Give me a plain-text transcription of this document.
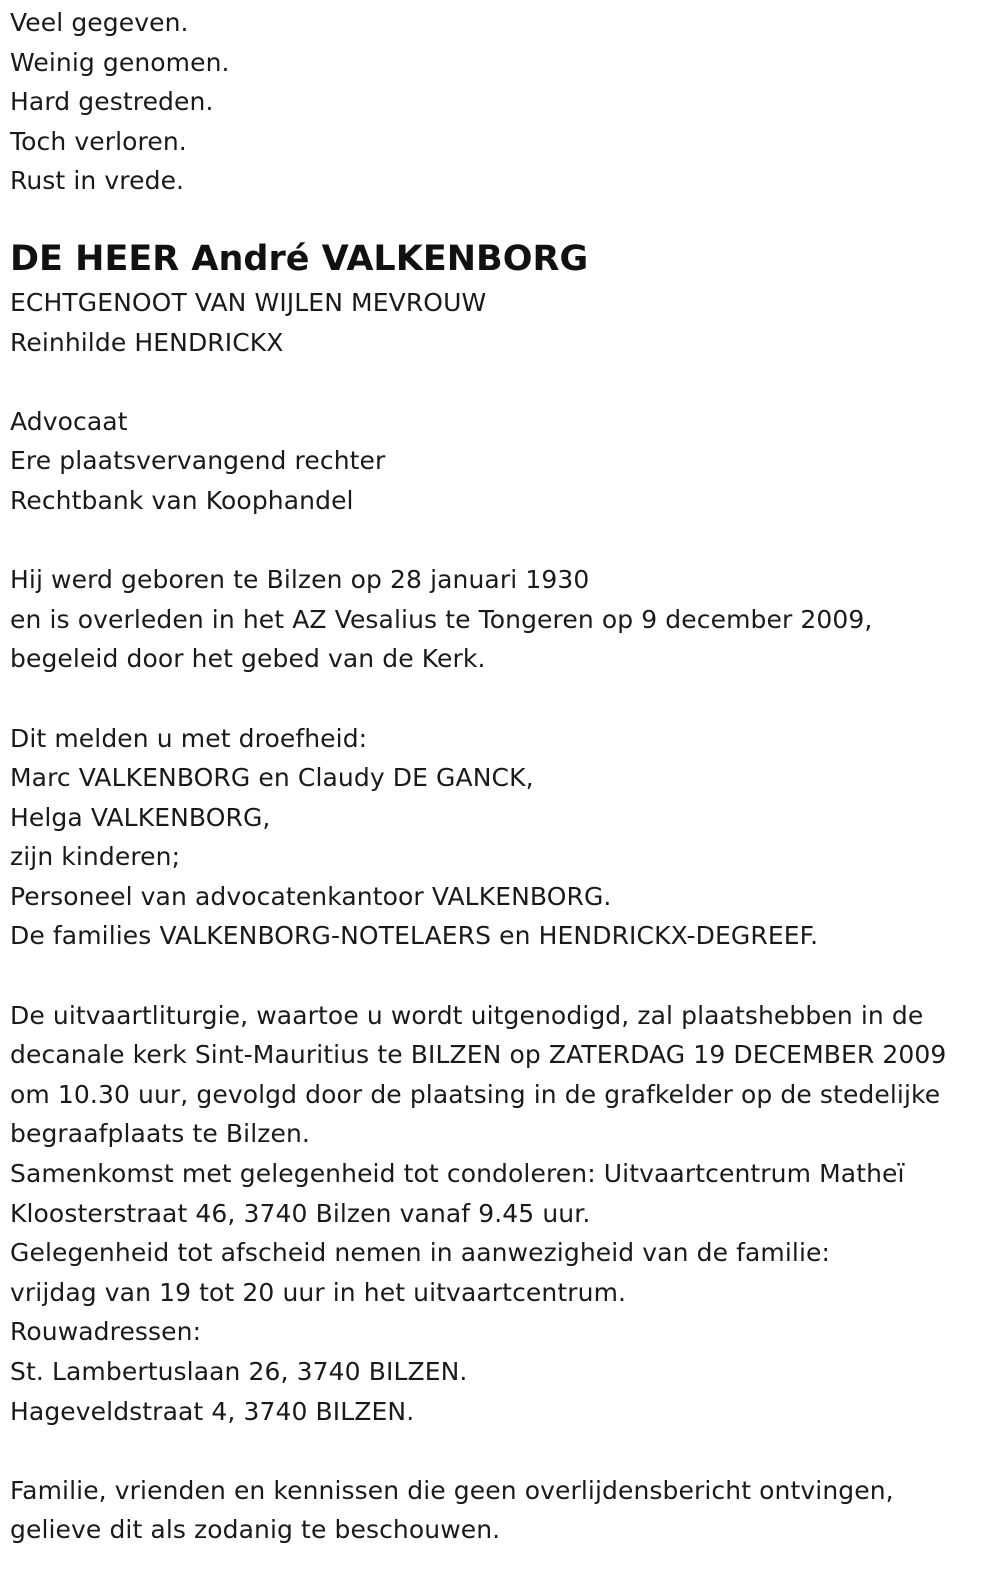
Veel gegeven.
Weinig genomen.
Hard gestreden.
Toch verloren.
Rust in vrede.
DE HEER André VALKENBORG
ECHTGENOOT VAN WIJLEN MEVROUW
Reinhilde HENDRICKX
Advocaat
Ere plaatsvervangend rechter
Rechtbank van Koophandel
Hij werd geboren te Bilzen op 28 januari 1930
en is overleden in het AZ Vesalius te Tongeren op 9 december 2009,
begeleid door het gebed van de Kerk.
Dit melden u met droefheid:
Marc VALKENBORG en Claudy DE GANCK,
Helga VALKENBORG,
zijn kinderen;
Personeel van advocatenkantoor VALKENBORG.
De families VALKENBORG-NOTELAERS en HENDRICKX-DEGREEF.
De uitvaartliturgie, waartoe u wordt uitgenodigd, zal plaatshebben in de
decanale kerk Sint-Mauritius te BILZEN op ZATERDAG 19 DECEMBER 2009
om 10.30 uur, gevolgd door de plaatsing in de grafkelder op de stedelijke
begraafplaats te Bilzen.
Samenkomst met gelegenheid tot condoleren: Uitvaartcentrum Matheï
Kloosterstraat 46, 3740 Bilzen vanaf 9.45 uur.
Gelegenheid tot afscheid nemen in aanwezigheid van de familie:
vrijdag van 19 tot 20 uur in het uitvaartcentrum.
Rouwadressen:
St. Lambertuslaan 26, 3740 BILZEN.
Hageveldstraat 4, 3740 BILZEN.
Familie, vrienden en kennissen die geen overlijdensbericht ontvingen,
gelieve dit als zodanig te beschouwen.
